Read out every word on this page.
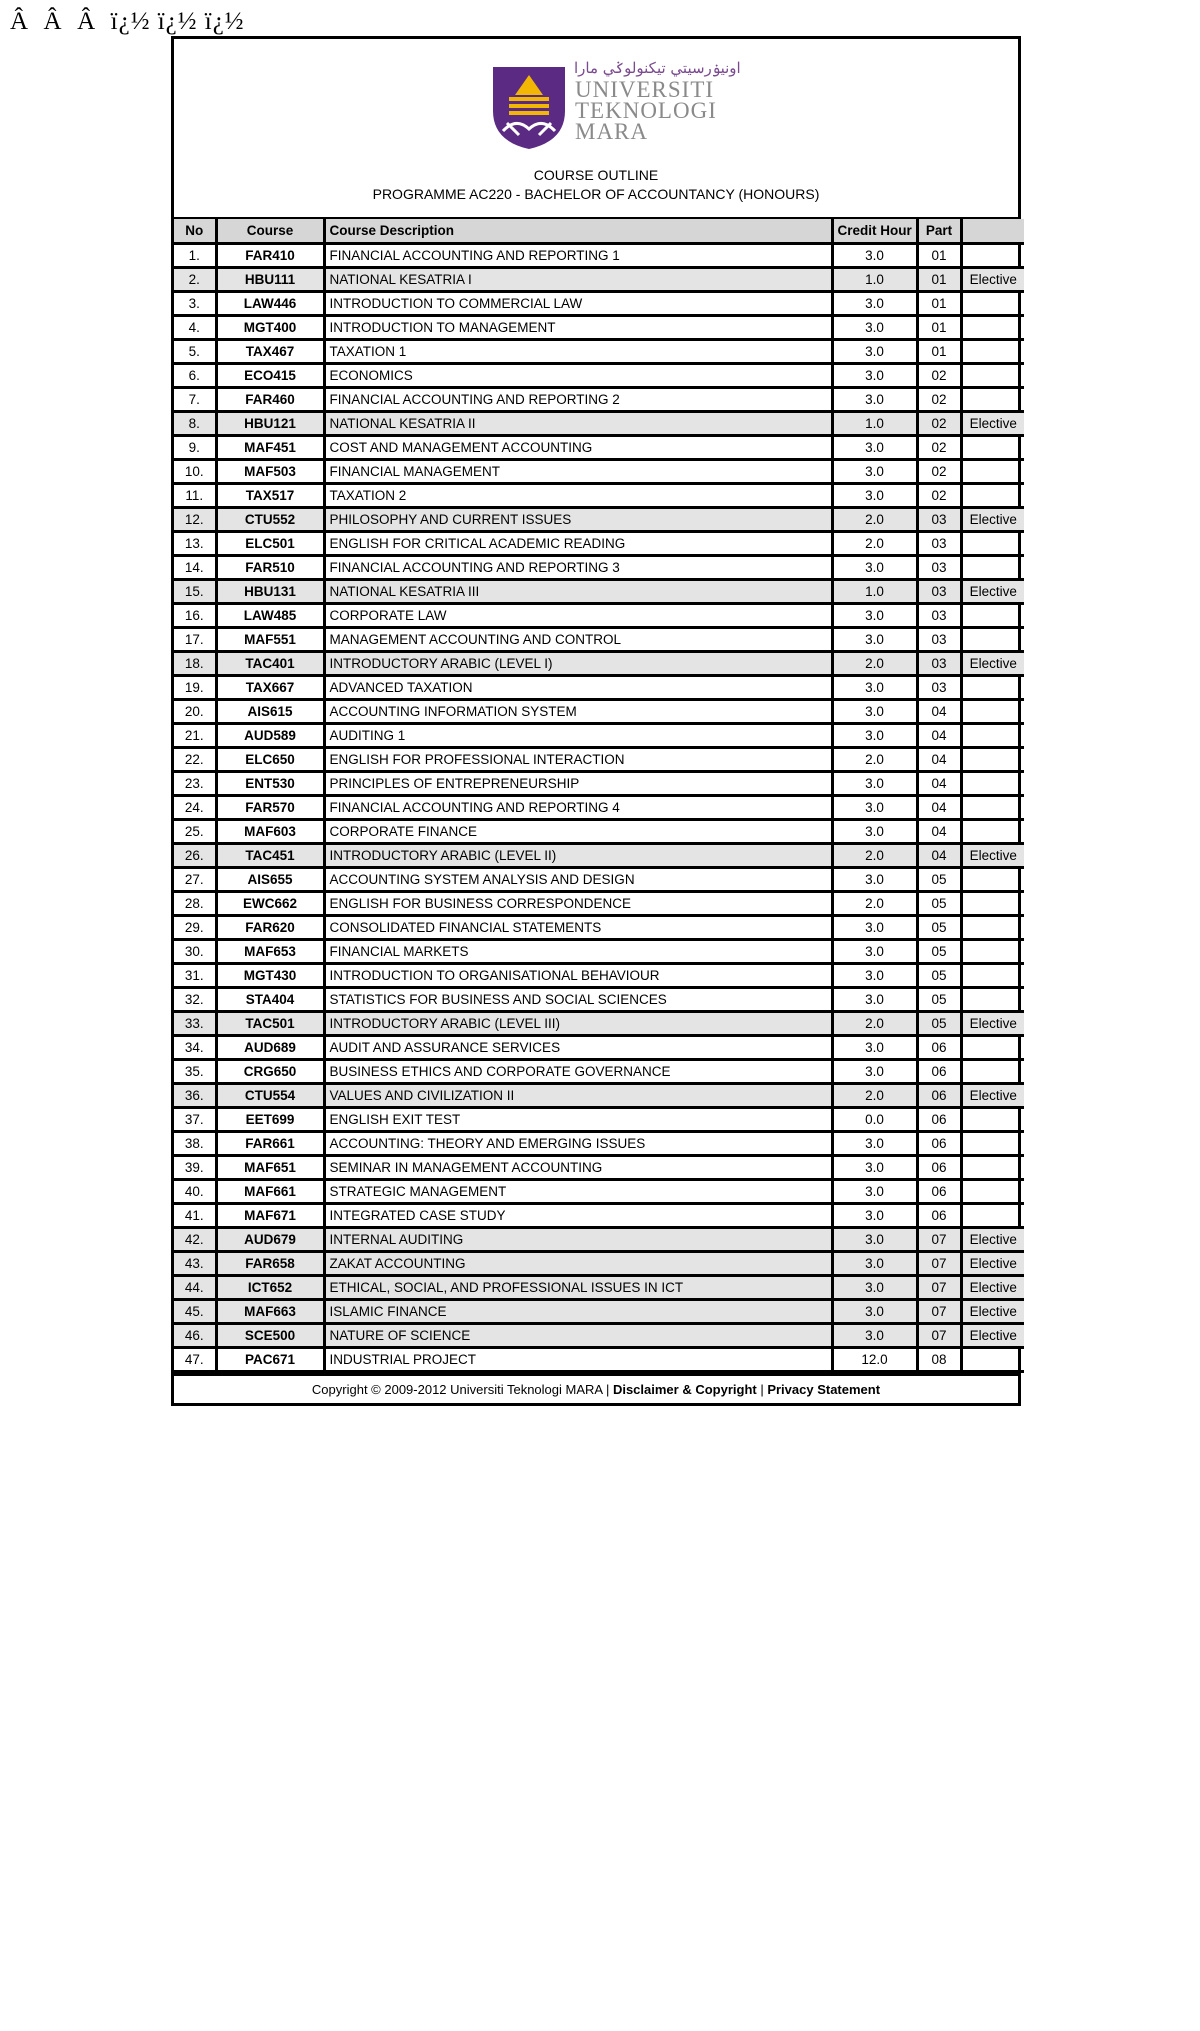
Â  Â  Â  ï¿½ ï¿½ ï¿½
اونيۏرسيتي تيكنولوݢي مارا
UNIVERSITI
TEKNOLOGI
MARA
COURSE OUTLINE
PROGRAMME AC220 - BACHELOR OF ACCOUNTANCY (HONOURS)
No	Course	Course Description	Credit Hour	Part	
1.	FAR410	FINANCIAL ACCOUNTING AND REPORTING 1	3.0	01	
2.	HBU111	NATIONAL KESATRIA I	1.0	01	Elective
3.	LAW446	INTRODUCTION TO COMMERCIAL LAW	3.0	01	
4.	MGT400	INTRODUCTION TO MANAGEMENT	3.0	01	
5.	TAX467	TAXATION 1	3.0	01	
6.	ECO415	ECONOMICS	3.0	02	
7.	FAR460	FINANCIAL ACCOUNTING AND REPORTING 2	3.0	02	
8.	HBU121	NATIONAL KESATRIA II	1.0	02	Elective
9.	MAF451	COST AND MANAGEMENT ACCOUNTING	3.0	02	
10.	MAF503	FINANCIAL MANAGEMENT	3.0	02	
11.	TAX517	TAXATION 2	3.0	02	
12.	CTU552	PHILOSOPHY AND CURRENT ISSUES	2.0	03	Elective
13.	ELC501	ENGLISH FOR CRITICAL ACADEMIC READING	2.0	03	
14.	FAR510	FINANCIAL ACCOUNTING AND REPORTING 3	3.0	03	
15.	HBU131	NATIONAL KESATRIA III	1.0	03	Elective
16.	LAW485	CORPORATE LAW	3.0	03	
17.	MAF551	MANAGEMENT ACCOUNTING AND CONTROL	3.0	03	
18.	TAC401	INTRODUCTORY ARABIC (LEVEL I)	2.0	03	Elective
19.	TAX667	ADVANCED TAXATION	3.0	03	
20.	AIS615	ACCOUNTING INFORMATION SYSTEM	3.0	04	
21.	AUD589	AUDITING 1	3.0	04	
22.	ELC650	ENGLISH FOR PROFESSIONAL INTERACTION	2.0	04	
23.	ENT530	PRINCIPLES OF ENTREPRENEURSHIP	3.0	04	
24.	FAR570	FINANCIAL ACCOUNTING AND REPORTING 4	3.0	04	
25.	MAF603	CORPORATE FINANCE	3.0	04	
26.	TAC451	INTRODUCTORY ARABIC (LEVEL II)	2.0	04	Elective
27.	AIS655	ACCOUNTING SYSTEM ANALYSIS AND DESIGN	3.0	05	
28.	EWC662	ENGLISH FOR BUSINESS CORRESPONDENCE	2.0	05	
29.	FAR620	CONSOLIDATED FINANCIAL STATEMENTS	3.0	05	
30.	MAF653	FINANCIAL MARKETS	3.0	05	
31.	MGT430	INTRODUCTION TO ORGANISATIONAL BEHAVIOUR	3.0	05	
32.	STA404	STATISTICS FOR BUSINESS AND SOCIAL SCIENCES	3.0	05	
33.	TAC501	INTRODUCTORY ARABIC (LEVEL III)	2.0	05	Elective
34.	AUD689	AUDIT AND ASSURANCE SERVICES	3.0	06	
35.	CRG650	BUSINESS ETHICS AND CORPORATE GOVERNANCE	3.0	06	
36.	CTU554	VALUES AND CIVILIZATION II	2.0	06	Elective
37.	EET699	ENGLISH EXIT TEST	0.0	06	
38.	FAR661	ACCOUNTING: THEORY AND EMERGING ISSUES	3.0	06	
39.	MAF651	SEMINAR IN MANAGEMENT ACCOUNTING	3.0	06	
40.	MAF661	STRATEGIC MANAGEMENT	3.0	06	
41.	MAF671	INTEGRATED CASE STUDY	3.0	06	
42.	AUD679	INTERNAL AUDITING	3.0	07	Elective
43.	FAR658	ZAKAT ACCOUNTING	3.0	07	Elective
44.	ICT652	ETHICAL, SOCIAL, AND PROFESSIONAL ISSUES IN ICT	3.0	07	Elective
45.	MAF663	ISLAMIC FINANCE	3.0	07	Elective
46.	SCE500	NATURE OF SCIENCE	3.0	07	Elective
47.	PAC671	INDUSTRIAL PROJECT	12.0	08	
Copyright © 2009-2012 Universiti Teknologi MARA | Disclaimer & Copyright | Privacy Statement
